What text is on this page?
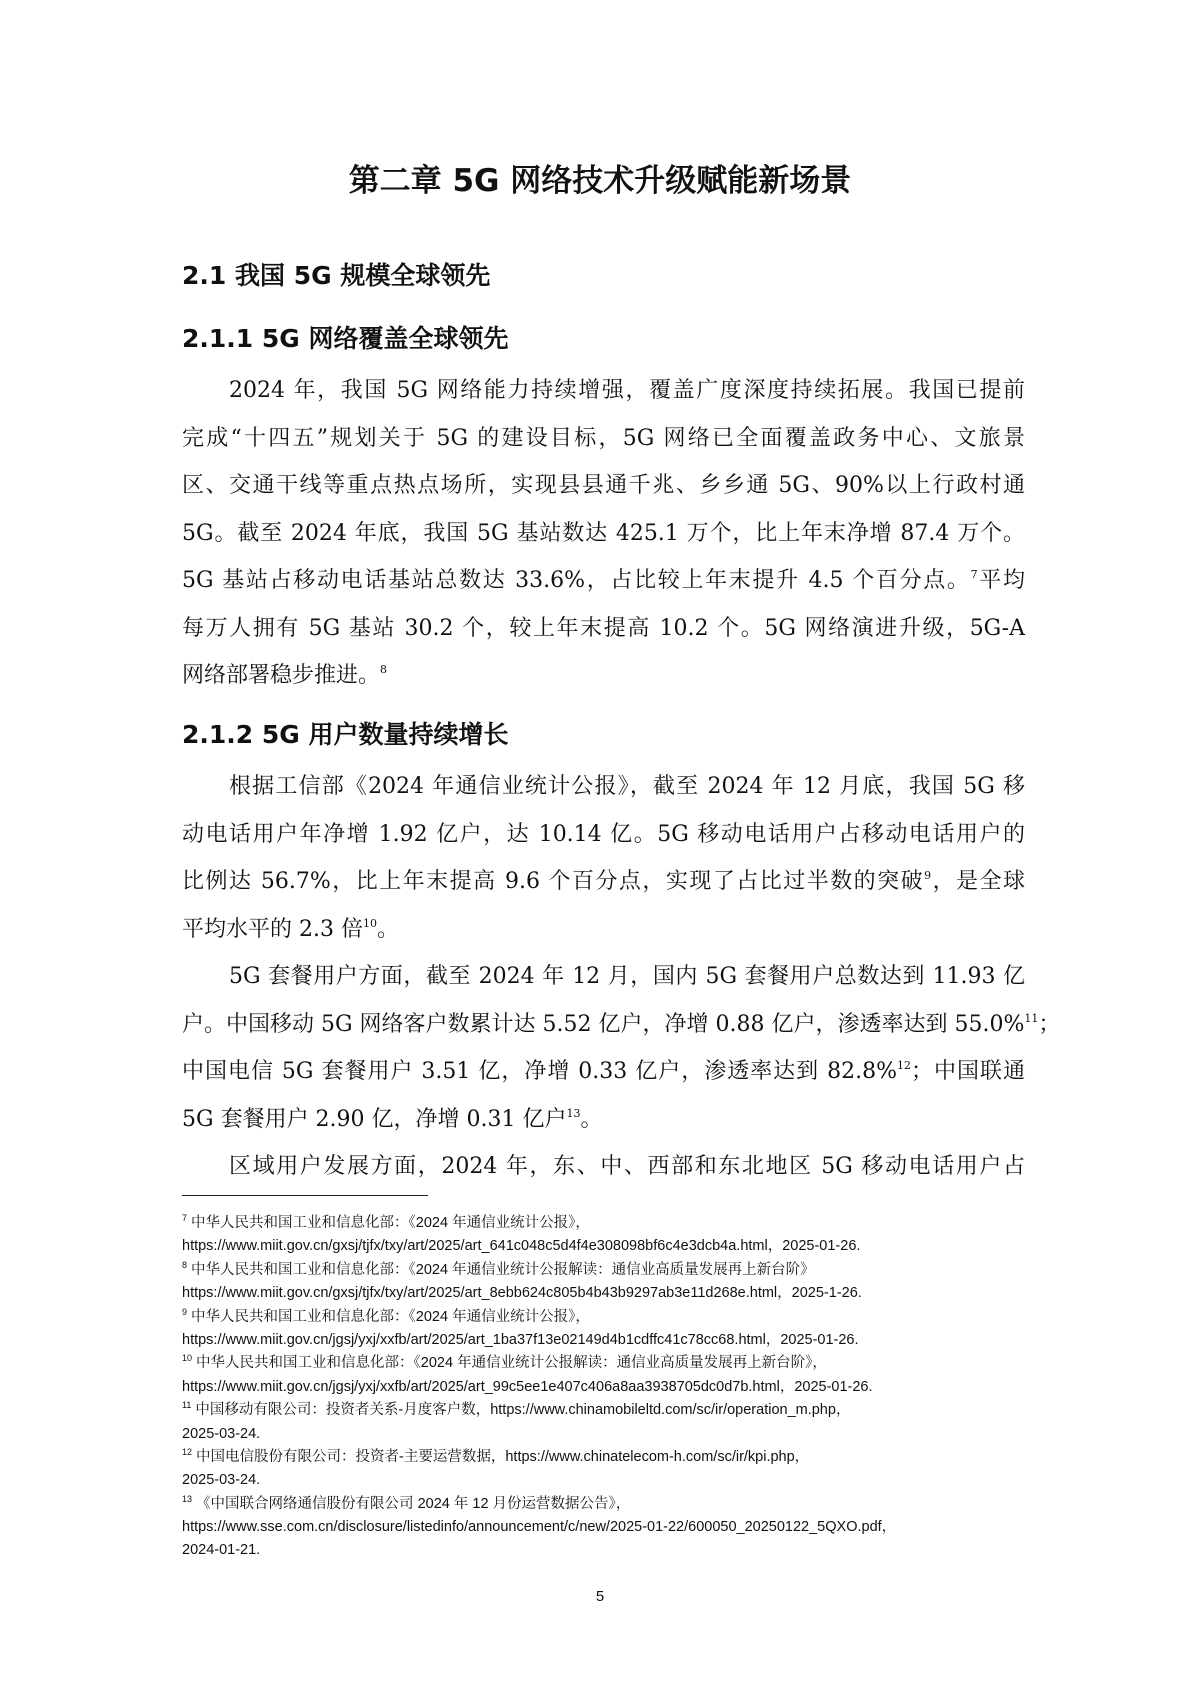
第二章 5G 网络技术升级赋能新场景
2.1 我国 5G 规模全球领先
2.1.1 5G 网络覆盖全球领先
2024 年，我国 5G 网络能力持续增强，覆盖广度深度持续拓展。我国已提前
完成“十四五”规划关于 5G 的建设目标，5G 网络已全面覆盖政务中心、文旅景
区、交通干线等重点热点场所，实现县县通千兆、乡乡通 5G、90%以上行政村通
5G。截至 2024 年底，我国 5G 基站数达 425.1 万个，比上年末净增 87.4 万个。
5G 基站占移动电话基站总数达 33.6%，占比较上年末提升 4.5 个百分点。$^7$平均
每万人拥有 5G 基站 30.2 个，较上年末提高 10.2 个。5G 网络演进升级，5G-A
网络部署稳步推进。$^8$
2.1.2 5G 用户数量持续增长
根据工信部《2024 年通信业统计公报》，截至 2024 年 12 月底，我国 5G 移
动电话用户年净增 1.92 亿户，达 10.14 亿。5G 移动电话用户占移动电话用户的
比例达 56.7%，比上年末提高 9.6 个百分点，实现了占比过半数的突破$^9$，是全球
平均水平的 2.3 倍$^{10}$。
5G 套餐用户方面，截至 2024 年 12 月，国内 5G 套餐用户总数达到 11.93 亿
户。中国移动 5G 网络客户数累计达 5.52 亿户，净增 0.88 亿户，渗透率达到 55.0%$^{11}$；
中国电信 5G 套餐用户 3.51 亿，净增 0.33 亿户，渗透率达到 82.8%$^{12}$；中国联通
5G 套餐用户 2.90 亿，净增 0.31 亿户$^{13}$。
区域用户发展方面，2024 年，东、中、西部和东北地区 5G 移动电话用户占
$^7$ 中华人民共和国工业和信息化部：《2024 年通信业统计公报》，
https://www.miit.gov.cn/gxsj/tjfx/txy/art/2025/art_641c048c5d4f4e308098bf6c4e3dcb4a.html，2025-01-26.
$^8$ 中华人民共和国工业和信息化部：《2024 年通信业统计公报解读：通信业高质量发展再上新台阶》
https://www.miit.gov.cn/gxsj/tjfx/txy/art/2025/art_8ebb624c805b4b43b9297ab3e11d268e.html，2025-1-26.
$^9$ 中华人民共和国工业和信息化部：《2024 年通信业统计公报》，
https://www.miit.gov.cn/jgsj/yxj/xxfb/art/2025/art_1ba37f13e02149d4b1cdffc41c78cc68.html，2025-01-26.
$^{10}$ 中华人民共和国工业和信息化部：《2024 年通信业统计公报解读：通信业高质量发展再上新台阶》，
https://www.miit.gov.cn/jgsj/yxj/xxfb/art/2025/art_99c5ee1e407c406a8aa3938705dc0d7b.html，2025-01-26.
$^{11}$ 中国移动有限公司：投资者关系-月度客户数，https://www.chinamobileltd.com/sc/ir/operation_m.php，
2025-03-24.
$^{12}$ 中国电信股份有限公司：投资者-主要运营数据，https://www.chinatelecom-h.com/sc/ir/kpi.php，
2025-03-24.
$^{13}$ 《中国联合网络通信股份有限公司 2024 年 12 月份运营数据公告》，
https://www.sse.com.cn/disclosure/listedinfo/announcement/c/new/2025-01-22/600050_20250122_5QXO.pdf，
2024-01-21.
5
